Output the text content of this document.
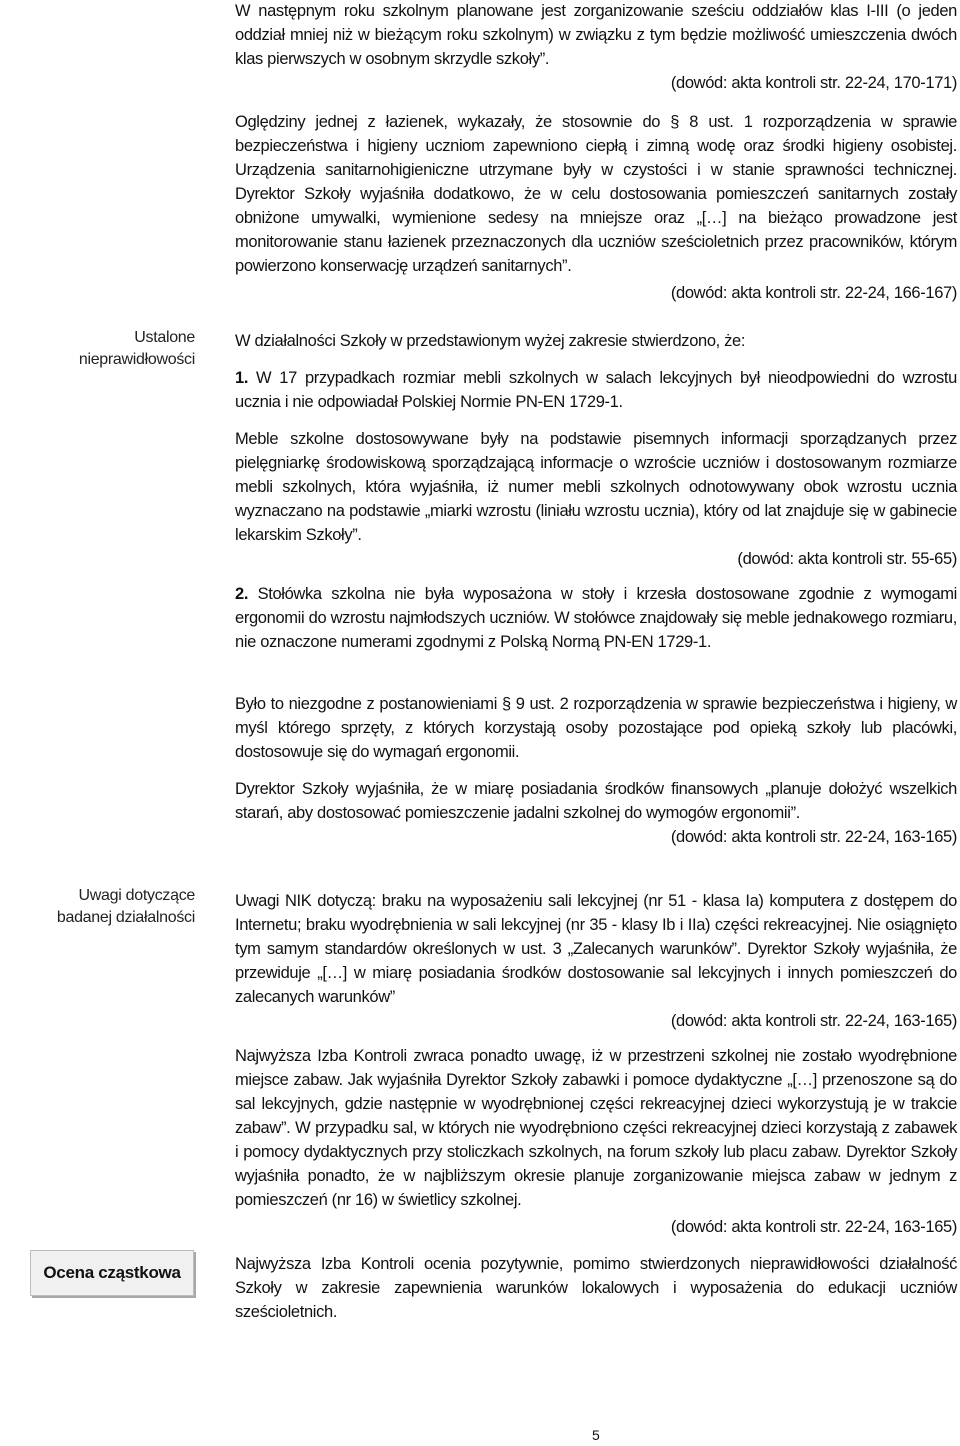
Ustalone
nieprawidłowości
Uwagi dotyczące
badanej działalności
Ocena cząstkowa

W następnym roku szkolnym planowane jest zorganizowanie sześciu oddziałów klas I-III (o jeden oddział mniej niż w bieżącym roku szkolnym) w związku z tym będzie możliwość umieszczenia dwóch klas pierwszych w osobnym skrzydle szkoły”.

(dowód: akta kontroli str. 22-24, 170-171)

Oględziny jednej z łazienek, wykazały, że stosownie do § 8 ust. 1 rozporządzenia w sprawie bezpieczeństwa i higieny uczniom zapewniono ciepłą i zimną wodę oraz środki higieny osobistej. Urządzenia sanitarnohigieniczne utrzymane były w czystości i w stanie sprawności technicznej. Dyrektor Szkoły wyjaśniła dodatkowo, że w celu dostosowania pomieszczeń sanitarnych zostały obniżone umywalki, wymienione sedesy na mniejsze oraz „[…] na bieżąco prowadzone jest monitorowanie stanu łazienek przeznaczonych dla uczniów sześcioletnich przez pracowników, którym powierzono konserwację urządzeń sanitarnych”.

(dowód: akta kontroli str. 22-24, 166-167)

W działalności Szkoły w przedstawionym wyżej zakresie stwierdzono, że:

1. W 17 przypadkach rozmiar mebli szkolnych w salach lekcyjnych był nieodpowiedni do wzrostu ucznia i nie odpowiadał Polskiej Normie PN-EN 1729-1.

Meble szkolne dostosowywane były na podstawie pisemnych informacji sporządzanych przez pielęgniarkę środowiskową sporządzającą informacje o wzroście uczniów i dostosowanym rozmiarze mebli szkolnych, która wyjaśniła, iż numer mebli szkolnych odnotowywany obok wzrostu ucznia wyznaczano na podstawie „miarki wzrostu (liniału wzrostu ucznia), który od lat znajduje się w gabinecie lekarskim Szkoły”.

(dowód: akta kontroli str. 55-65)

2. Stołówka szkolna nie była wyposażona w stoły i krzesła dostosowane zgodnie z wymogami ergonomii do wzrostu najmłodszych uczniów. W stołówce znajdowały się meble jednakowego rozmiaru, nie oznaczone numerami zgodnymi z Polską Normą PN-EN 1729-1.

Było to niezgodne z postanowieniami § 9 ust. 2 rozporządzenia w sprawie bezpieczeństwa i higieny, w myśl którego sprzęty, z których korzystają osoby pozostające pod opieką szkoły lub placówki, dostosowuje się do wymagań ergonomii.

Dyrektor Szkoły wyjaśniła, że w miarę posiadania środków finansowych „planuje dołożyć wszelkich starań, aby dostosować pomieszczenie jadalni szkolnej do wymogów ergonomii”.

(dowód: akta kontroli str. 22-24, 163-165)

Uwagi NIK dotyczą: braku na wyposażeniu sali lekcyjnej (nr 51 - klasa Ia) komputera z dostępem do Internetu; braku wyodrębnienia w sali lekcyjnej (nr 35 - klasy Ib i IIa) części rekreacyjnej. Nie osiągnięto tym samym standardów określonych w ust. 3 „Zalecanych warunków”. Dyrektor Szkoły wyjaśniła, że przewiduje „[…] w miarę posiadania środków dostosowanie sal lekcyjnych i innych pomieszczeń do zalecanych warunków”

(dowód: akta kontroli str. 22-24, 163-165)

Najwyższa Izba Kontroli zwraca ponadto uwagę, iż w przestrzeni szkolnej nie zostało wyodrębnione miejsce zabaw. Jak wyjaśniła Dyrektor Szkoły zabawki i pomoce dydaktyczne „[…] przenoszone są do sal lekcyjnych, gdzie następnie w wyodrębnionej części rekreacyjnej dzieci wykorzystują je w trakcie zabaw”. W przypadku sal, w których nie wyodrębniono części rekreacyjnej dzieci korzystają z zabawek i pomocy dydaktycznych przy stoliczkach szkolnych, na forum szkoły lub placu zabaw. Dyrektor Szkoły wyjaśniła ponadto, że w najbliższym okresie planuje zorganizowanie miejsca zabaw w jednym z pomieszczeń (nr 16) w świetlicy szkolnej.

(dowód: akta kontroli str. 22-24, 163-165)

Najwyższa Izba Kontroli ocenia pozytywnie, pomimo stwierdzonych nieprawidłowości działalność Szkoły w zakresie zapewnienia warunków lokalowych i wyposażenia do edukacji uczniów sześcioletnich.

5
